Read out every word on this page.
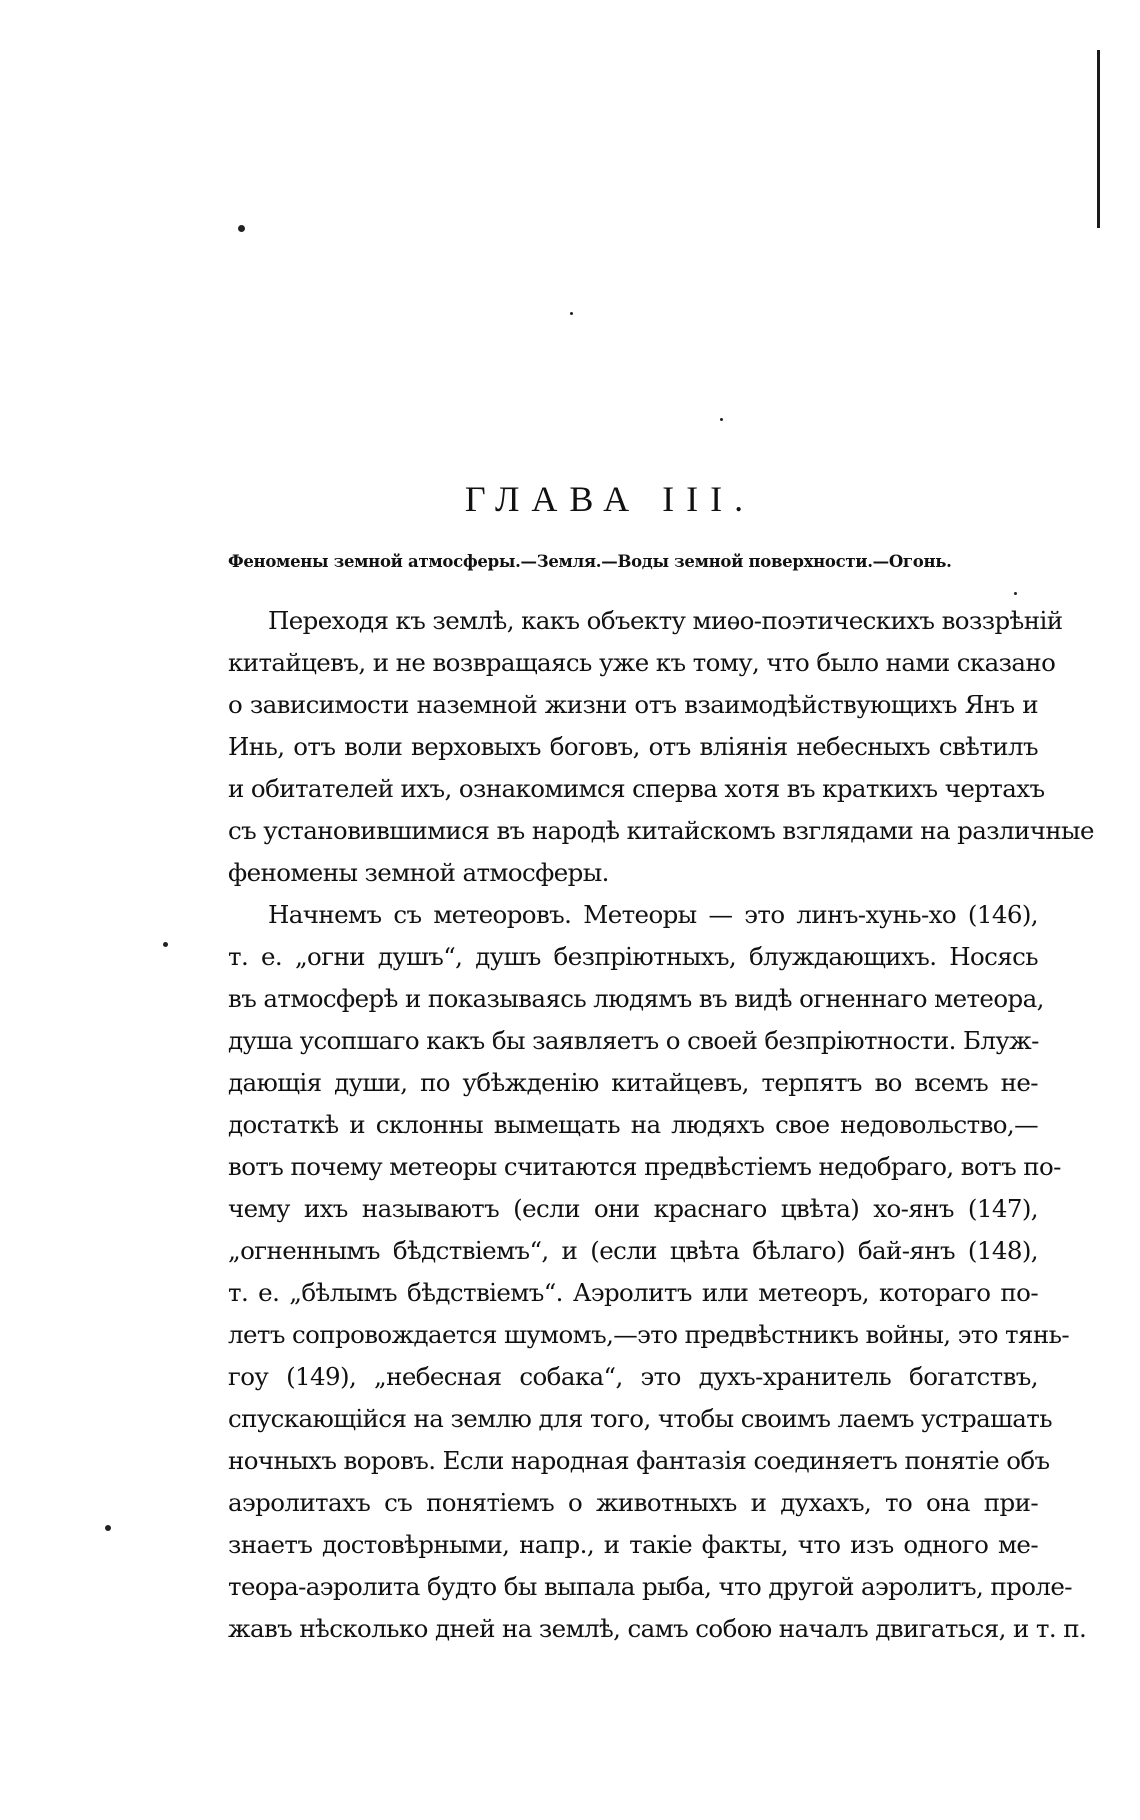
ГЛАВА III.

Феномены земной атмосферы.—Земля.—Воды земной поверхности.—Огонь.

Переходя къ землѣ, какъ объекту миѳо-поэтическихъ воззрѣній
китайцевъ, и не возвращаясь уже къ тому, что было нами сказано
о зависимости наземной жизни отъ взаимодѣйствующихъ Янъ и
Инь, отъ воли верховыхъ боговъ, отъ вліянія небесныхъ свѣтилъ
и обитателей ихъ, ознакомимся сперва хотя въ краткихъ чертахъ
съ установившимися въ народѣ китайскомъ взглядами на различные
феномены земной атмосферы.
Начнемъ съ метеоровъ. Метеоры — это линъ-хунь-хо (146),
т. е. „огни душъ“, душъ безпріютныхъ, блуждающихъ. Носясь
въ атмосферѣ и показываясь людямъ въ видѣ огненнаго метеора,
душа усопшаго какъ бы заявляетъ о своей безпріютности. Блуж-
дающія души, по убѣжденію китайцевъ, терпятъ во всемъ не-
достаткѣ и склонны вымещать на людяхъ свое недовольство,—
вотъ почему метеоры считаются предвѣстіемъ недобраго, вотъ по-
чему ихъ называютъ (если они краснаго цвѣта) хо-янъ (147),
„огненнымъ бѣдствіемъ“, и (если цвѣта бѣлаго) бай-янъ (148),
т. е. „бѣлымъ бѣдствіемъ“. Аэролитъ или метеоръ, котораго по-
летъ сопровождается шумомъ,—это предвѣстникъ войны, это тянь-
гоу (149), „небесная собака“, это духъ-хранитель богатствъ,
спускающійся на землю для того, чтобы своимъ лаемъ устрашать
ночныхъ воровъ. Если народная фантазія соединяетъ понятіе объ
аэролитахъ съ понятіемъ о животныхъ и духахъ, то она при-
знаетъ достовѣрными, напр., и такіе факты, что изъ одного ме-
теора-аэролита будто бы выпала рыба, что другой аэролитъ, проле-
жавъ нѣсколько дней на землѣ, самъ собою началъ двигаться, и т. п.
